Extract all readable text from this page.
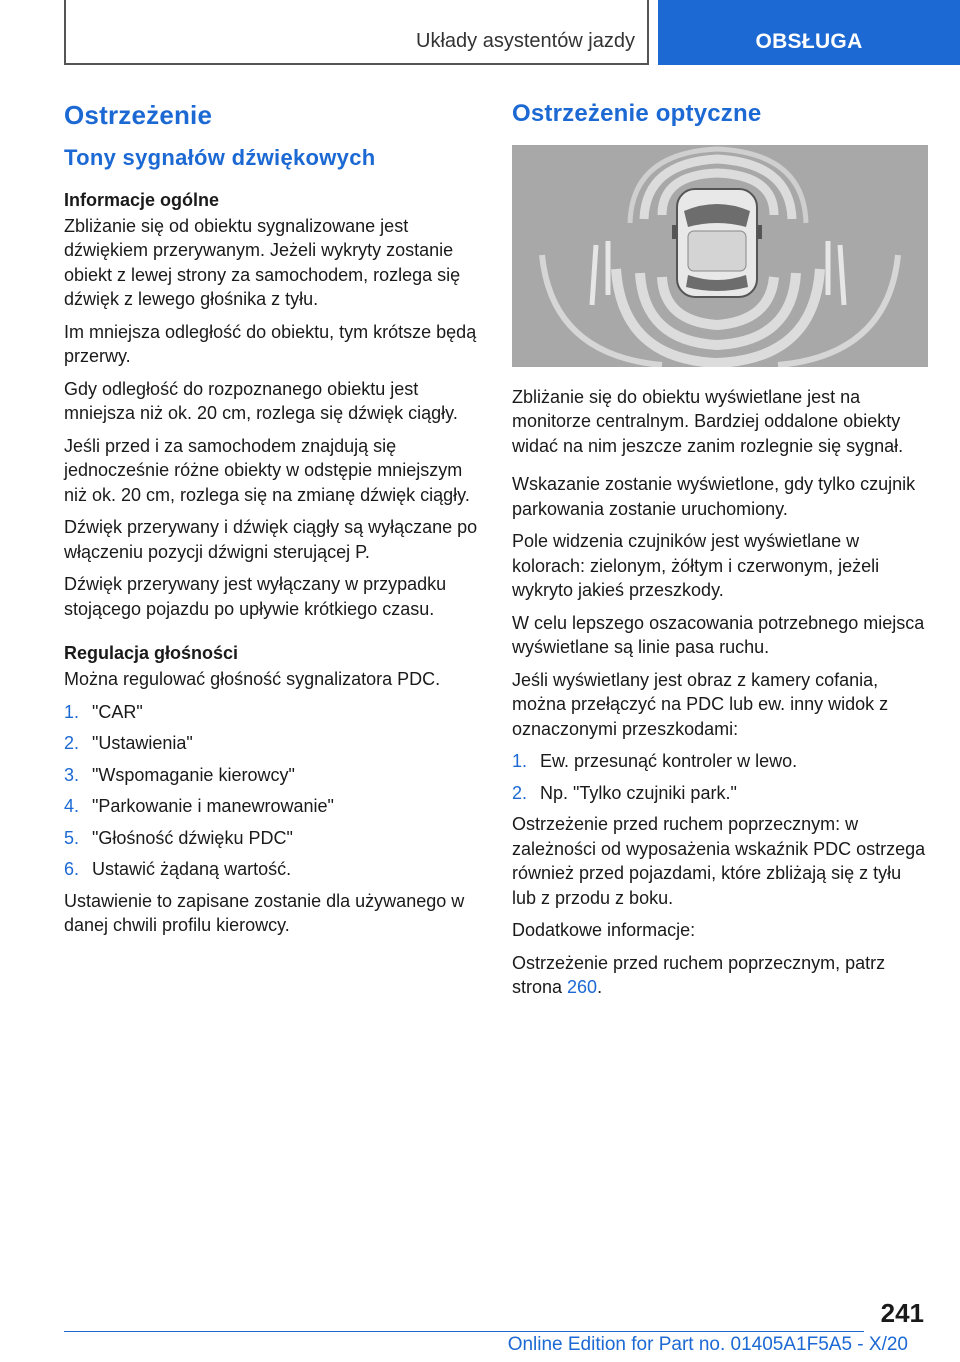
Układy asystentów jazdy	OBSŁUGA
Ostrzeżenie
Tony sygnałów dźwiękowych
Informacje ogólne

Zbliżanie się od obiektu sygnalizowane jest dźwiękiem przerywanym. Jeżeli wykryty zostanie obiekt z lewej strony za samochodem, rozlega się dźwięk z lewego głośnika z tyłu.

Im mniejsza odległość do obiektu, tym krótsze będą przerwy.

Gdy odległość do rozpoznanego obiektu jest mniejsza niż ok. 20 cm, rozlega się dźwięk ciągły.

Jeśli przed i za samochodem znajdują się jednocześnie różne obiekty w odstępie mniejszym niż ok. 20 cm, rozlega się na zmianę dźwięk ciągły.

Dźwięk przerywany i dźwięk ciągły są wyłączane po włączeniu pozycji dźwigni sterującej P.

Dźwięk przerywany jest wyłączany w przypadku stojącego pojazdu po upływie krótkiego czasu.

Regulacja głośności

Można regulować głośność sygnalizatora PDC.

1. "CAR"
2. "Ustawienia"
3. "Wspomaganie kierowcy"
4. "Parkowanie i manewrowanie"
5. "Głośność dźwięku PDC"
6. Ustawić żądaną wartość.

Ustawienie to zapisane zostanie dla używanego w danej chwili profilu kierowcy.

Ostrzeżenie optyczne

Zbliżanie się do obiektu wyświetlane jest na monitorze centralnym. Bardziej oddalone obiekty widać na nim jeszcze zanim rozlegnie się sygnał.

Wskazanie zostanie wyświetlone, gdy tylko czujnik parkowania zostanie uruchomiony.

Pole widzenia czujników jest wyświetlane w kolorach: zielonym, żółtym i czerwonym, jeżeli wykryto jakieś przeszkody.

W celu lepszego oszacowania potrzebnego miejsca wyświetlane są linie pasa ruchu.

Jeśli wyświetlany jest obraz z kamery cofania, można przełączyć na PDC lub ew. inny widok z oznaczonymi przeszkodami:

1. Ew. przesunąć kontroler w lewo.
2. Np. "Tylko czujniki park."

Ostrzeżenie przed ruchem poprzecznym: w zależności od wyposażenia wskaźnik PDC ostrzega również przed pojazdami, które zbliżają się z tyłu lub z przodu z boku.

Dodatkowe informacje:

Ostrzeżenie przed ruchem poprzecznym, patrz strona 260.

241
Online Edition for Part no. 01405A1F5A5 - X/20
